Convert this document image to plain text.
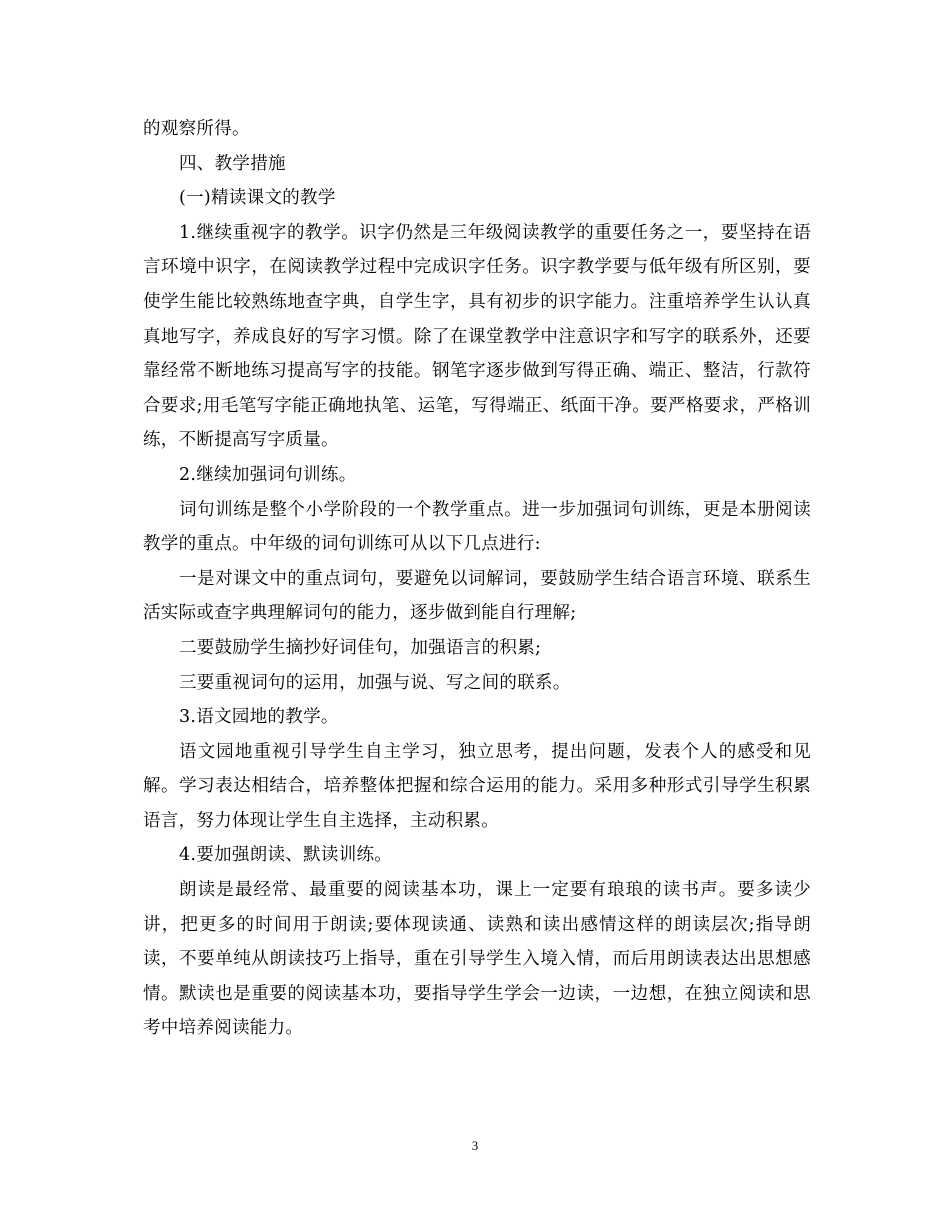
的观察所得。

四、教学措施

(一)精读课文的教学

1.继续重视字的教学。识字仍然是三年级阅读教学的重要任务之一，要坚持在语言环境中识字，在阅读教学过程中完成识字任务。识字教学要与低年级有所区别，要使学生能比较熟练地查字典，自学生字，具有初步的识字能力。注重培养学生认认真真地写字，养成良好的写字习惯。除了在课堂教学中注意识字和写字的联系外，还要靠经常不断地练习提高写字的技能。钢笔字逐步做到写得正确、端正、整洁，行款符合要求;用毛笔写字能正确地执笔、运笔，写得端正、纸面干净。要严格要求，严格训练，不断提高写字质量。

2.继续加强词句训练。

词句训练是整个小学阶段的一个教学重点。进一步加强词句训练，更是本册阅读教学的重点。中年级的词句训练可从以下几点进行:

一是对课文中的重点词句，要避免以词解词，要鼓励学生结合语言环境、联系生活实际或查字典理解词句的能力，逐步做到能自行理解;

二要鼓励学生摘抄好词佳句，加强语言的积累;

三要重视词句的运用，加强与说、写之间的联系。

3.语文园地的教学。

语文园地重视引导学生自主学习，独立思考，提出问题，发表个人的感受和见解。学习表达相结合，培养整体把握和综合运用的能力。采用多种形式引导学生积累语言，努力体现让学生自主选择，主动积累。

4.要加强朗读、默读训练。

朗读是最经常、最重要的阅读基本功，课上一定要有琅琅的读书声。要多读少讲，把更多的时间用于朗读;要体现读通、读熟和读出感情这样的朗读层次;指导朗读，不要单纯从朗读技巧上指导，重在引导学生入境入情，而后用朗读表达出思想感情。默读也是重要的阅读基本功，要指导学生学会一边读，一边想，在独立阅读和思考中培养阅读能力。

3
